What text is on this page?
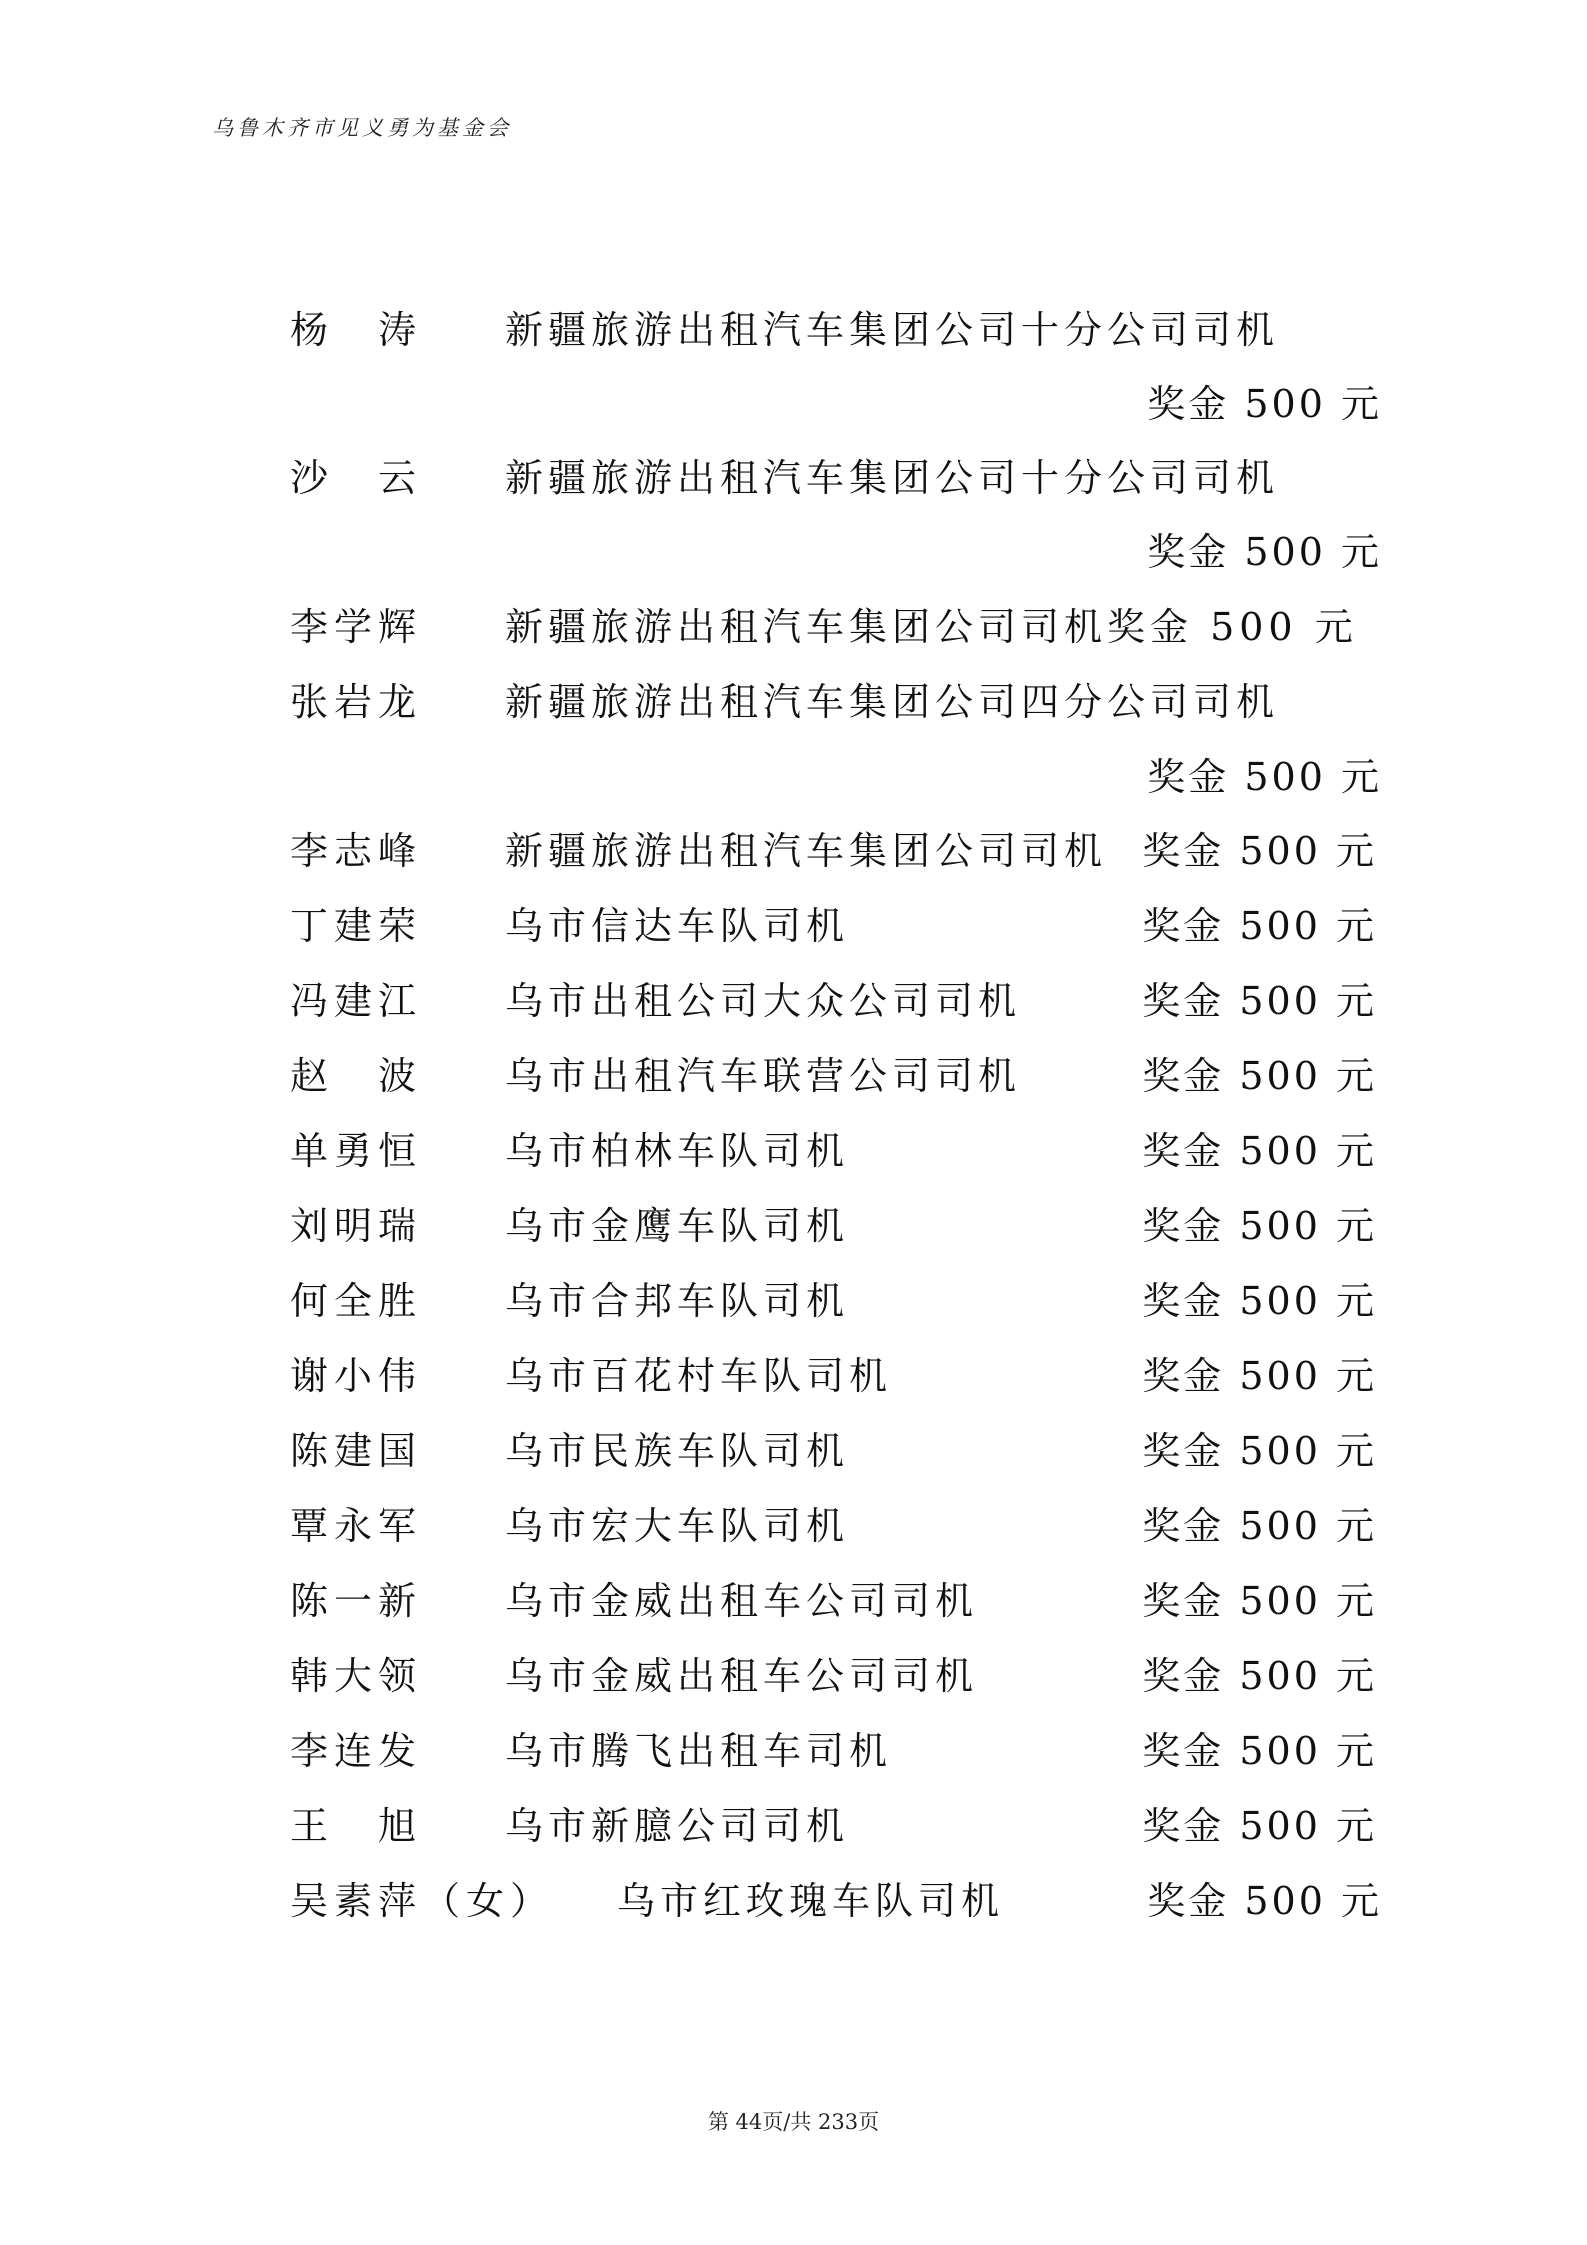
乌鲁木齐市见义勇为基金会
杨　涛 新疆旅游出租汽车集团公司十分公司司机
奖金 500 元
沙　云 新疆旅游出租汽车集团公司十分公司司机
奖金 500 元
李学辉 新疆旅游出租汽车集团公司司机奖金 500 元
张岩龙 新疆旅游出租汽车集团公司四分公司司机
奖金 500 元
李志峰 新疆旅游出租汽车集团公司司机 奖金 500 元
丁建荣 乌市信达车队司机	奖金 500 元
冯建江 乌市出租公司大众公司司机	奖金 500 元
赵　波 乌市出租汽车联营公司司机	奖金 500 元
单勇恒 乌市柏林车队司机	奖金 500 元
刘明瑞 乌市金鹰车队司机	奖金 500 元
何全胜 乌市合邦车队司机	奖金 500 元
谢小伟 乌市百花村车队司机	奖金 500 元
陈建国 乌市民族车队司机	奖金 500 元
覃永军 乌市宏大车队司机	奖金 500 元
陈一新 乌市金威出租车公司司机	奖金 500 元
韩大领 乌市金威出租车公司司机	奖金 500 元
李连发 乌市腾飞出租车司机	奖金 500 元
王　旭 乌市新臆公司司机	奖金 500 元
吴素萍（女） 乌市红玫瑰车队司机	奖金 500 元
第 44页/共 233页
